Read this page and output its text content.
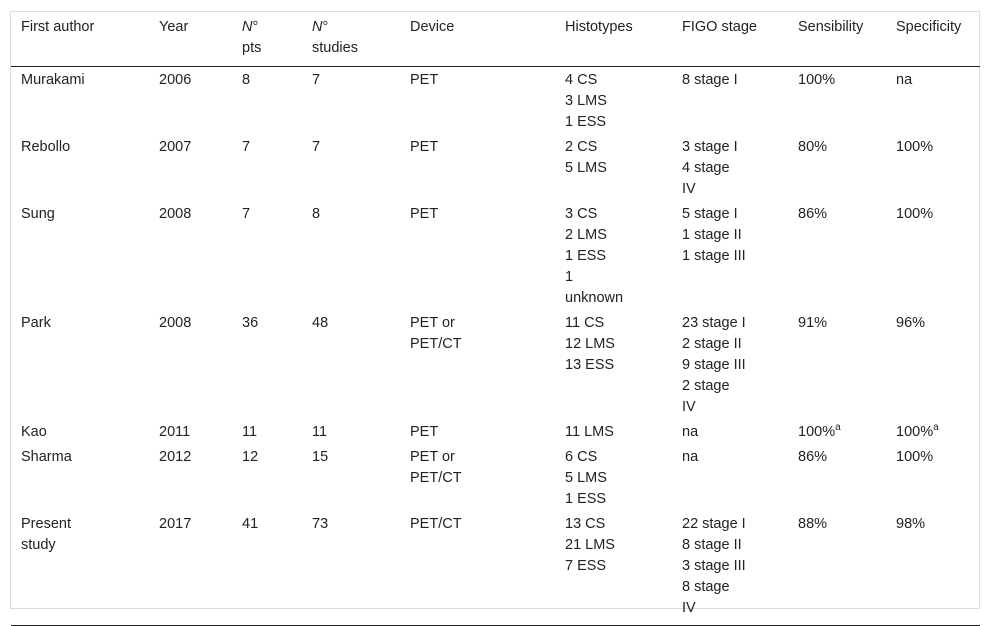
First author	Year	N°
pts	N°
studies	Device	Histotypes	FIGO stage	Sensibility	Specificity

Murakami	2006	8	7	PET	4 CS
3 LMS
1 ESS	8 stage I	100%	na

Rebollo	2007	7	7	PET	2 CS
5 LMS	3 stage I
4 stage
IV	80%	100%

Sung	2008	7	8	PET	3 CS
2 LMS
1 ESS
1
unknown	5 stage I
1 stage II
1 stage III	86%	100%

Park	2008	36	48	PET or
PET/CT	11 CS
12 LMS
13 ESS	23 stage I
2 stage II
9 stage III
2 stage
IV	91%	96%

Kao	2011	11	11	PET	11 LMS	na	100%$^a$	100%$^a$

Sharma	2012	12	15	PET or
PET/CT	6 CS
5 LMS
1 ESS	na	86%	100%

Present
study	2017	41	73	PET/CT	13 CS
21 LMS
7 ESS	22 stage I
8 stage II
3 stage III
8 stage
IV	88%	98%
